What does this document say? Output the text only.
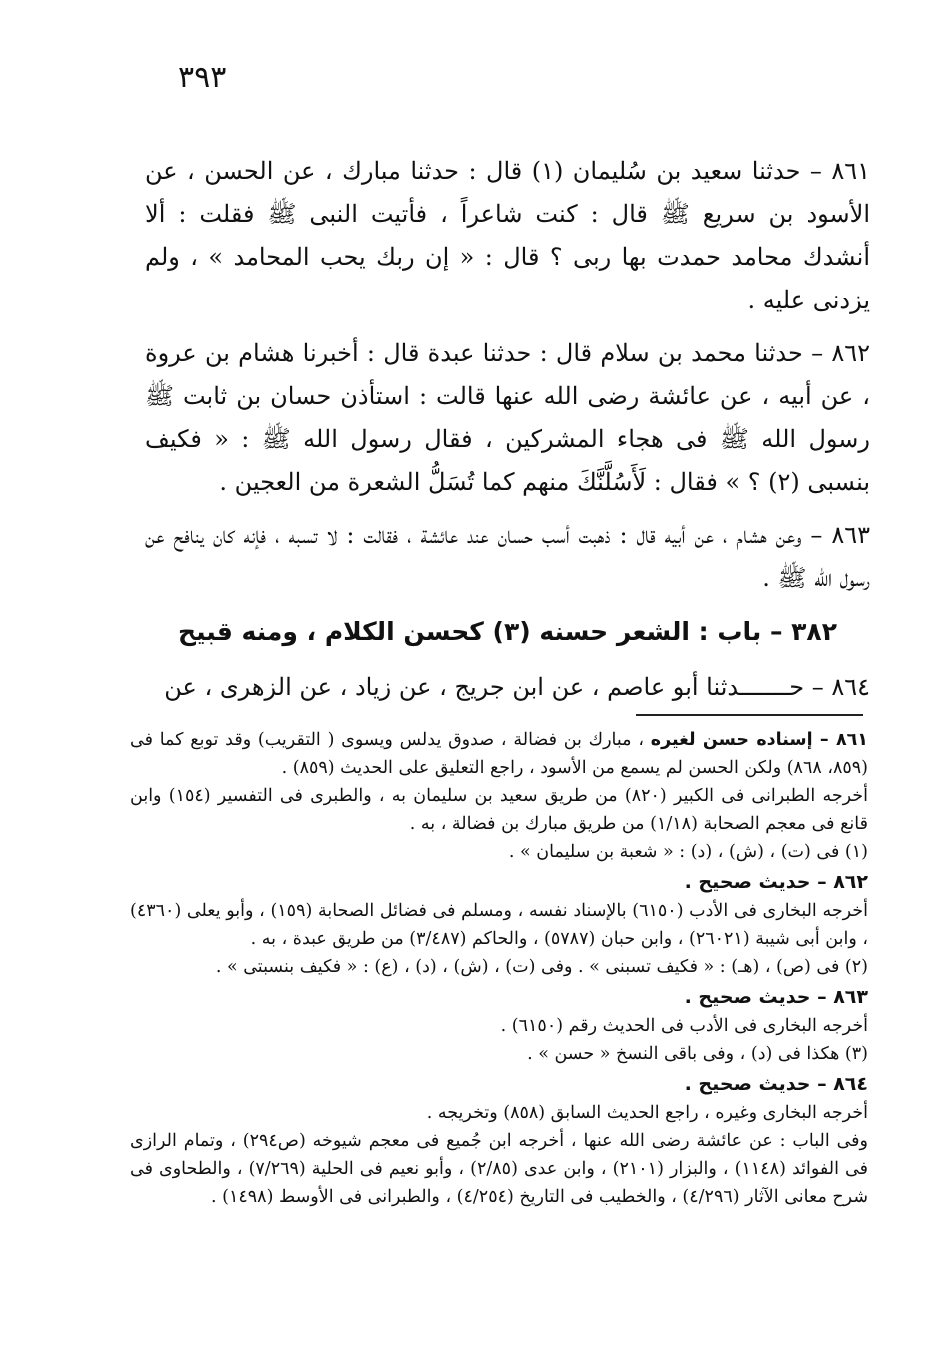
٣٩٣

٨٦١ – حدثنا سعيد بن سُليمان (١) قال : حدثنا مبارك ، عن الحسن ، عن الأسود بن سريع ﷺ قال : كنت شاعراً ، فأتيت النبى ﷺ فقلت : ألا أنشدك محامد حمدت بها ربى ؟ قال : « إن ربك يحب المحامد » ، ولم يزدنى عليه .

٨٦٢ – حدثنا محمد بن سلام قال : حدثنا عبدة قال : أخبرنا هشام بن عروة ، عن أبيه ، عن عائشة رضى الله عنها قالت : استأذن حسان بن ثابت ﷺ رسول الله ﷺ فى هجاء المشركين ، فقال رسول الله ﷺ : « فكيف بنسبى (٢) ؟ » فقال : لَأَسُلَّنَّكَ منهم كما تُسَلُّ الشعرة من العجين .

٨٦٣ – وعن هشام ، عن أبيه قال : ذهبت أسب حسان عند عائشة ، فقالت : لا تسبه ، فإنه كان ينافح عن رسول الله ﷺ .

٣٨٢ – باب : الشعر حسنه (٣) كحسن الكلام ، ومنه قبيح

٨٦٤ – حـــــــدثنا أبو عاصم ، عن ابن جريج ، عن زياد ، عن الزهرى ، عن

٨٦١ – إسناده حسن لغيره ، مبارك بن فضالة ، صدوق يدلس ويسوى ( التقريب) وقد توبع كما فى (٨٥٩، ٨٦٨) ولكن الحسن لم يسمع من الأسود ، راجع التعليق على الحديث (٨٥٩) .

أخرجه الطبرانى فى الكبير (٨٢٠) من طريق سعيد بن سليمان به ، والطبرى فى التفسير (١٥٤) وابن قانع فى معجم الصحابة (١/١٨) من طريق مبارك بن فضالة ، به .

(١) فى (ت) ، (ش) ، (د) : « شعبة بن سليمان » .

٨٦٢ – حديث صحيح .

أخرجه البخارى فى الأدب (٦١٥٠) بالإسناد نفسه ، ومسلم فى فضائل الصحابة (١٥٩) ، وأبو يعلى (٤٣٦٠) ، وابن أبى شيبة (٢٦٠٢١) ، وابن حبان (٥٧٨٧) ، والحاكم (٣/٤٨٧) من طريق عبدة ، به .

(٢) فى (ص) ، (هـ) : « فكيف تسبنى » . وفى (ت) ، (ش) ، (د) ، (ع) : « فكيف بنسبتى » .

٨٦٣ – حديث صحيح .

أخرجه البخارى فى الأدب فى الحديث رقم (٦١٥٠) .

(٣) هكذا فى (د) ، وفى باقى النسخ « حسن » .

٨٦٤ – حديث صحيح .

أخرجه البخارى وغيره ، راجع الحديث السابق (٨٥٨) وتخريجه .

وفى الباب : عن عائشة رضى الله عنها ، أخرجه ابن جُميع فى معجم شيوخه (ص٢٩٤) ، وتمام الرازى فى الفوائد (١١٤٨) ، والبزار (٢١٠١) ، وابن عدى (٢/٨٥) ، وأبو نعيم فى الحلية (٧/٢٦٩) ، والطحاوى فى شرح معانى الآثار (٤/٢٩٦) ، والخطيب فى التاريخ (٤/٢٥٤) ، والطبرانى فى الأوسط (١٤٩٨) .
